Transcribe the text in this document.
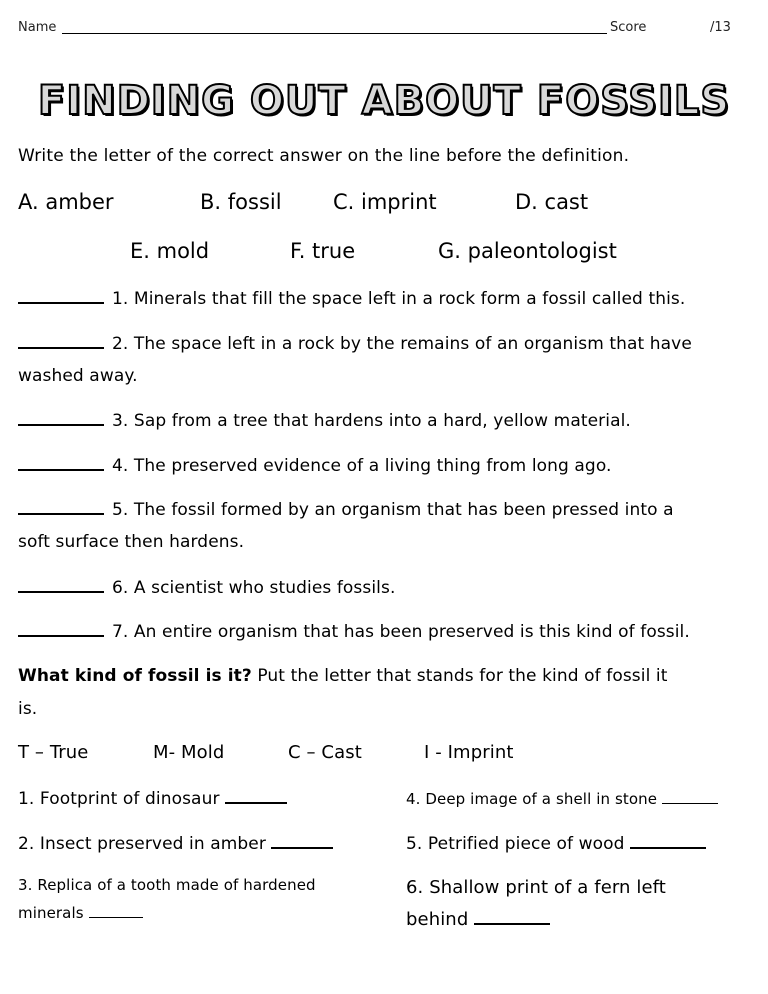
Name	Score	/13
FINDING OUT ABOUT FOSSILS
Write the letter of the correct answer on the line before the definition.
A. amber	B. fossil C. imprint	D. cast
E. mold	F. true	G. paleontologist
1. Minerals that fill the space left in a rock form a fossil called this.
2. The space left in a rock by the remains of an organism that have
washed away.
3. Sap from a tree that hardens into a hard, yellow material.
4. The preserved evidence of a living thing from long ago.
5. The fossil formed by an organism that has been pressed into a
soft surface then hardens.
6. A scientist who studies fossils.
7. An entire organism that has been preserved is this kind of fossil.
What kind of fossil is it? Put the letter that stands for the kind of fossil it
is.
T – True	M- Mold	C – Cast	I - Imprint
1. Footprint of dinosaur
2. Insect preserved in amber
3. Replica of a tooth made of hardened
minerals
4. Deep image of a shell in stone
5. Petrified piece of wood
6. Shallow print of a fern left
behind
